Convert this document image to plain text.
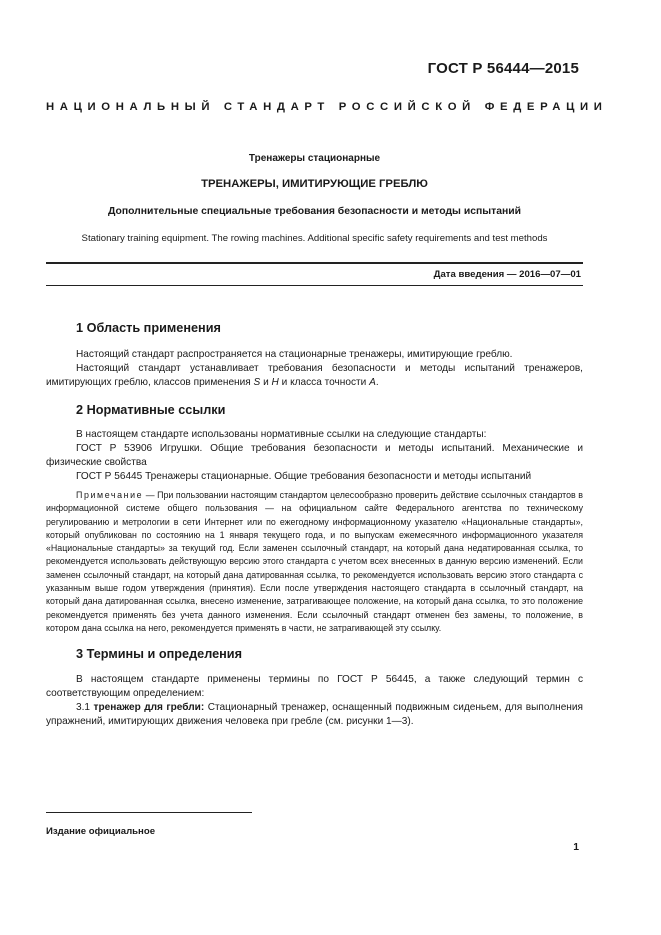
ГОСТ Р 56444—2015
НАЦИОНАЛЬНЫЙ СТАНДАРТ РОССИЙСКОЙ ФЕДЕРАЦИИ
Тренажеры стационарные
ТРЕНАЖЕРЫ, ИМИТИРУЮЩИЕ ГРЕБЛЮ
Дополнительные специальные требования безопасности и методы испытаний
Stationary training equipment. The rowing machines. Additional specific safety requirements and test methods
Дата введения — 2016—07—01
1 Область применения

Настоящий стандарт распространяется на стационарные тренажеры, имитирующие греблю.

Настоящий стандарт устанавливает требования безопасности и методы испытаний тренажеров, имитирующих греблю, классов применения S и H и класса точности A.

2 Нормативные ссылки

В настоящем стандарте использованы нормативные ссылки на следующие стандарты:

ГОСТ Р 53906 Игрушки. Общие требования безопасности и методы испытаний. Механические и физические свойства

ГОСТ Р 56445 Тренажеры стационарные. Общие требования безопасности и методы испытаний

Примечание — При пользовании настоящим стандартом целесообразно проверить действие ссылочных стандартов в информационной системе общего пользования — на официальном сайте Федерального агентства по техническому регулированию и метрологии в сети Интернет или по ежегодному информационному указателю «Национальные стандарты», который опубликован по состоянию на 1 января текущего года, и по выпускам ежемесячного информационного указателя «Национальные стандарты» за текущий год. Если заменен ссылочный стандарт, на который дана недатированная ссылка, то рекомендуется использовать действующую версию этого стандарта с учетом всех внесенных в данную версию изменений. Если заменен ссылочный стандарт, на который дана датированная ссылка, то рекомендуется использовать версию этого стандарта с указанным выше годом утверждения (принятия). Если после утверждения настоящего стандарта в ссылочный стандарт, на который дана датированная ссылка, внесено изменение, затрагивающее положение, на который дана ссылка, то это положение рекомендуется применять без учета данного изменения. Если ссылочный стандарт отменен без замены, то положение, в котором дана ссылка на него, рекомендуется применять в части, не затрагивающей эту ссылку.

3 Термины и определения

В настоящем стандарте применены термины по ГОСТ Р 56445, а также следующий термин с соответствующим определением:

3.1 тренажер для гребли: Стационарный тренажер, оснащенный подвижным сиденьем, для выполнения упражнений, имитирующих движения человека при гребле (см. рисунки 1—3).

Издание официальное
1
